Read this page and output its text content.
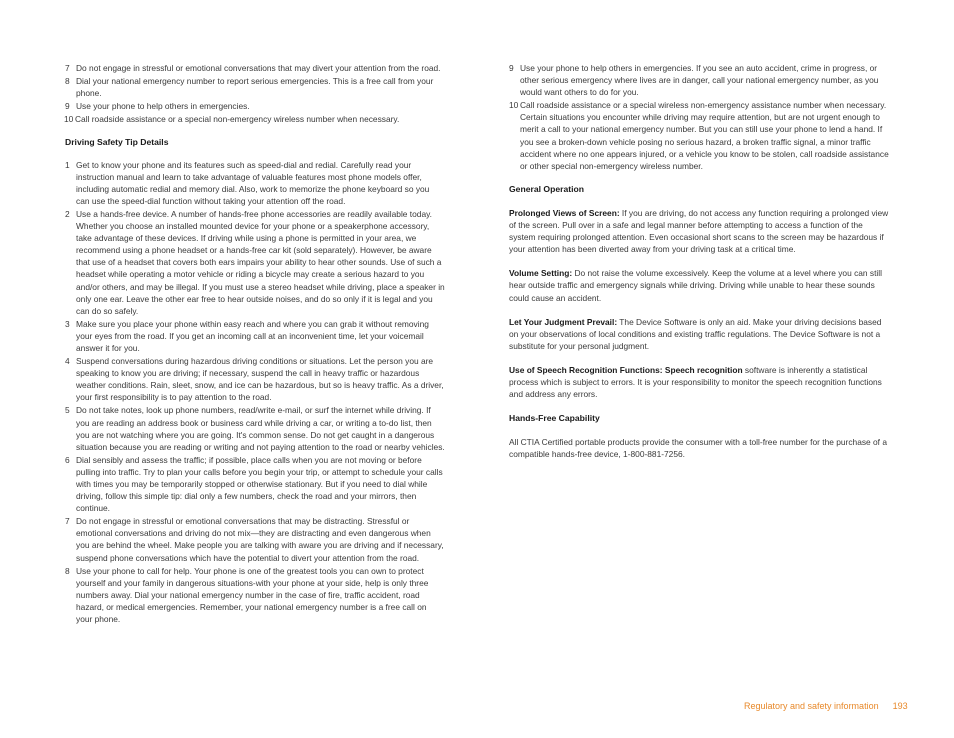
7 Do not engage in stressful or emotional conversations that may divert your attention from the road.
8 Dial your national emergency number to report serious emergencies. This is a free call from your phone.
9 Use your phone to help others in emergencies.
10 Call roadside assistance or a special non-emergency wireless number when necessary.
Driving Safety Tip Details
1 Get to know your phone and its features such as speed-dial and redial. Carefully read your instruction manual and learn to take advantage of valuable features most phone models offer, including automatic redial and memory dial. Also, work to memorize the phone keyboard so you can use the speed-dial function without taking your attention off the road.
2 Use a hands-free device. A number of hands-free phone accessories are readily available today. Whether you choose an installed mounted device for your phone or a speakerphone accessory, take advantage of these devices. If driving while using a phone is permitted in your area, we recommend using a phone headset or a hands-free car kit (sold separately). However, be aware that use of a headset that covers both ears impairs your ability to hear other sounds. Use of such a headset while operating a motor vehicle or riding a bicycle may create a serious hazard to you and/or others, and may be illegal. If you must use a stereo headset while driving, place a speaker in only one ear. Leave the other ear free to hear outside noises, and do so only if it is legal and you can do so safely.
3 Make sure you place your phone within easy reach and where you can grab it without removing your eyes from the road. If you get an incoming call at an inconvenient time, let your voicemail answer it for you.
4 Suspend conversations during hazardous driving conditions or situations. Let the person you are speaking to know you are driving; if necessary, suspend the call in heavy traffic or hazardous weather conditions. Rain, sleet, snow, and ice can be hazardous, but so is heavy traffic. As a driver, your first responsibility is to pay attention to the road.
5 Do not take notes, look up phone numbers, read/write e-mail, or surf the internet while driving. If you are reading an address book or business card while driving a car, or writing a to-do list, then you are not watching where you are going. It's common sense. Do not get caught in a dangerous situation because you are reading or writing and not paying attention to the road or nearby vehicles.
6 Dial sensibly and assess the traffic; if possible, place calls when you are not moving or before pulling into traffic. Try to plan your calls before you begin your trip, or attempt to schedule your calls with times you may be temporarily stopped or otherwise stationary. But if you need to dial while driving, follow this simple tip: dial only a few numbers, check the road and your mirrors, then continue.
7 Do not engage in stressful or emotional conversations that may be distracting. Stressful or emotional conversations and driving do not mix—they are distracting and even dangerous when you are behind the wheel. Make people you are talking with aware you are driving and if necessary, suspend phone conversations which have the potential to divert your attention from the road.
8 Use your phone to call for help. Your phone is one of the greatest tools you can own to protect yourself and your family in dangerous situations-with your phone at your side, help is only three numbers away. Dial your national emergency number in the case of fire, traffic accident, road hazard, or medical emergencies. Remember, your national emergency number is a free call on your phone.
9 Use your phone to help others in emergencies. If you see an auto accident, crime in progress, or other serious emergency where lives are in danger, call your national emergency number, as you would want others to do for you.
10 Call roadside assistance or a special wireless non-emergency assistance number when necessary. Certain situations you encounter while driving may require attention, but are not urgent enough to merit a call to your national emergency number. But you can still use your phone to lend a hand. If you see a broken-down vehicle posing no serious hazard, a broken traffic signal, a minor traffic accident where no one appears injured, or a vehicle you know to be stolen, call roadside assistance or other special non-emergency wireless number.
General Operation

Prolonged Views of Screen: If you are driving, do not access any function requiring a prolonged view of the screen. Pull over in a safe and legal manner before attempting to access a function of the system requiring prolonged attention. Even occasional short scans to the screen may be hazardous if your attention has been diverted away from your driving task at a critical time.

Volume Setting: Do not raise the volume excessively. Keep the volume at a level where you can still hear outside traffic and emergency signals while driving. Driving while unable to hear these sounds could cause an accident.

Let Your Judgment Prevail: The Device Software is only an aid. Make your driving decisions based on your observations of local conditions and existing traffic regulations. The Device Software is not a substitute for your personal judgment.

Use of Speech Recognition Functions: Speech recognition software is inherently a statistical process which is subject to errors. It is your responsibility to monitor the speech recognition functions and address any errors.

Hands-Free Capability

All CTIA Certified portable products provide the consumer with a toll-free number for the purchase of a compatible hands-free device, 1-800-881-7256.

Regulatory and safety information 193
